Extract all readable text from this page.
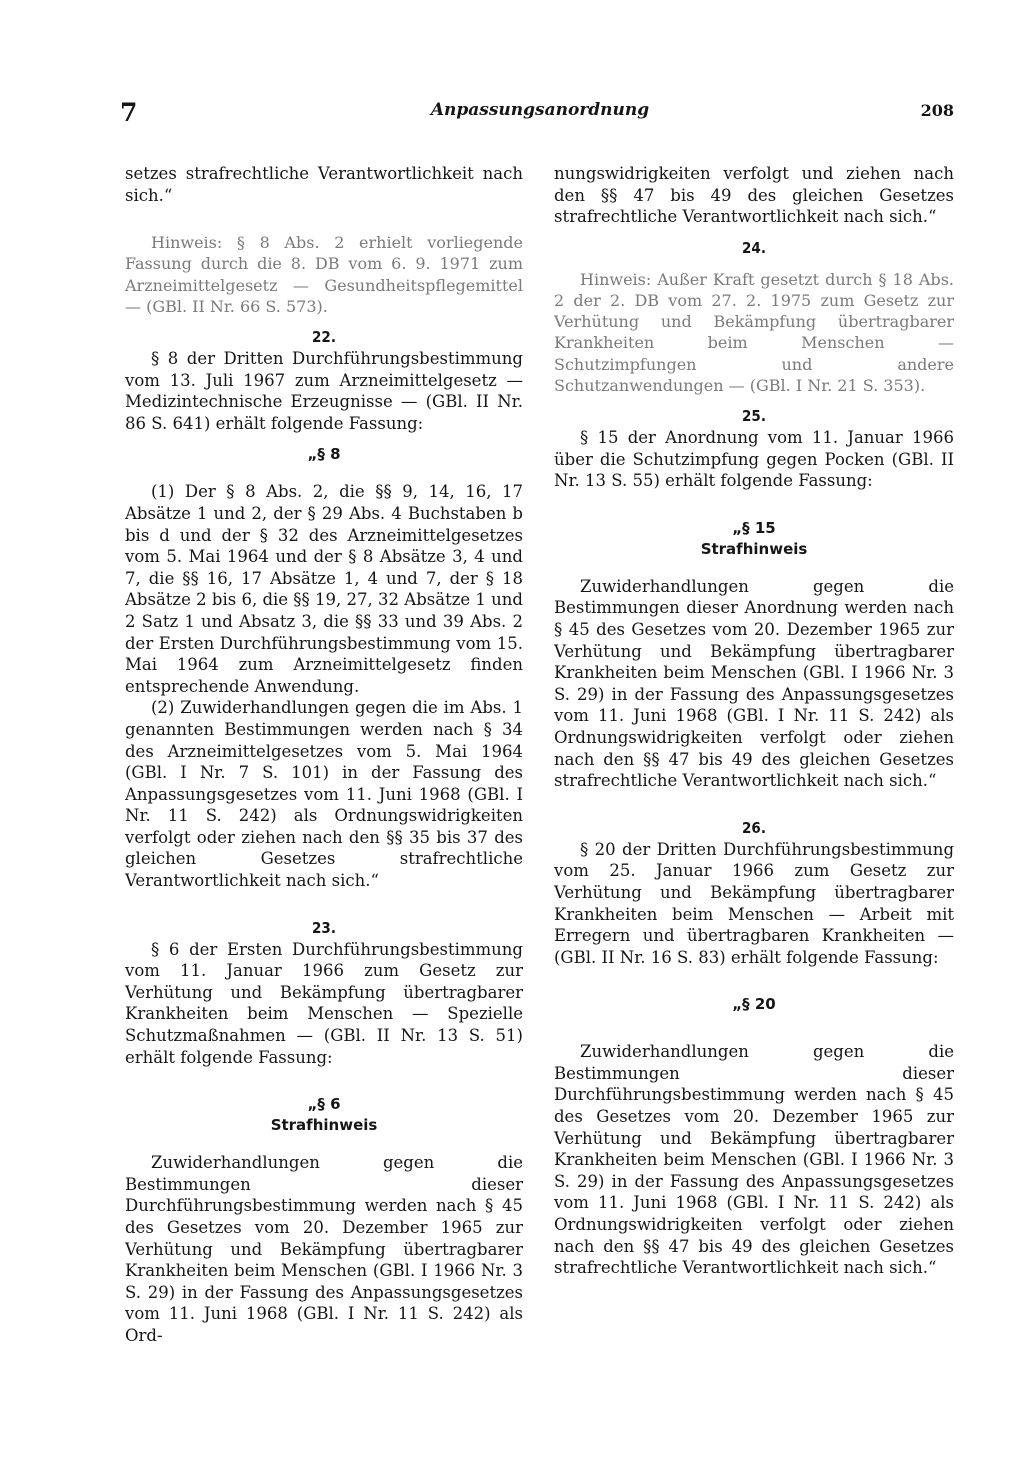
7	Anpassungsanordnung	208

setzes strafrechtliche Verantwortlichkeit nach sich.“

Hinweis: § 8 Abs. 2 erhielt vorliegende Fassung durch die 8. DB vom 6. 9. 1971 zum Arzneimittelgesetz — Gesundheitspflegemittel — (GBl. II Nr. 66 S. 573).

22.

§ 8 der Dritten Durchführungsbestimmung vom 13. Juli 1967 zum Arzneimittelgesetz — Medizintechnische Erzeugnisse — (GBl. II Nr. 86 S. 641) erhält folgende Fassung:

„§ 8

(1) Der § 8 Abs. 2, die §§ 9, 14, 16, 17 Absätze 1 und 2, der § 29 Abs. 4 Buchstaben b bis d und der § 32 des Arzneimittelgesetzes vom 5. Mai 1964 und der § 8 Absätze 3, 4 und 7, die §§ 16, 17 Absätze 1, 4 und 7, der § 18 Absätze 2 bis 6, die §§ 19, 27, 32 Absätze 1 und 2 Satz 1 und Absatz 3, die §§ 33 und 39 Abs. 2 der Ersten Durchführungsbestimmung vom 15. Mai 1964 zum Arzneimittelgesetz finden entsprechende Anwendung.

(2) Zuwiderhandlungen gegen die im Abs. 1 genannten Bestimmungen werden nach § 34 des Arzneimittelgesetzes vom 5. Mai 1964 (GBl. I Nr. 7 S. 101) in der Fassung des Anpassungsgesetzes vom 11. Juni 1968 (GBl. I Nr. 11 S. 242) als Ordnungswidrigkeiten verfolgt oder ziehen nach den §§ 35 bis 37 des gleichen Gesetzes strafrechtliche Verantwortlichkeit nach sich.“

23.

§ 6 der Ersten Durchführungsbestimmung vom 11. Januar 1966 zum Gesetz zur Verhütung und Bekämpfung übertragbarer Krankheiten beim Menschen — Spezielle Schutzmaßnahmen — (GBl. II Nr. 13 S. 51) erhält folgende Fassung:

„§ 6
Strafhinweis

Zuwiderhandlungen gegen die Bestimmungen dieser Durchführungsbestimmung werden nach § 45 des Gesetzes vom 20. Dezember 1965 zur Verhütung und Bekämpfung übertragbarer Krankheiten beim Menschen (GBl. I 1966 Nr. 3 S. 29) in der Fassung des Anpassungsgesetzes vom 11. Juni 1968 (GBl. I Nr. 11 S. 242) als Ord-

nungswidrigkeiten verfolgt und ziehen nach den §§ 47 bis 49 des gleichen Gesetzes strafrechtliche Verantwortlichkeit nach sich.“

24.

Hinweis: Außer Kraft gesetzt durch § 18 Abs. 2 der 2. DB vom 27. 2. 1975 zum Gesetz zur Verhütung und Bekämpfung übertragbarer Krankheiten beim Menschen — Schutzimpfungen und andere Schutzanwendungen — (GBl. I Nr. 21 S. 353).

25.

§ 15 der Anordnung vom 11. Januar 1966 über die Schutzimpfung gegen Pocken (GBl. II Nr. 13 S. 55) erhält folgende Fassung:

„§ 15
Strafhinweis

Zuwiderhandlungen gegen die Bestimmungen dieser Anordnung werden nach § 45 des Gesetzes vom 20. Dezember 1965 zur Verhütung und Bekämpfung übertragbarer Krankheiten beim Menschen (GBl. I 1966 Nr. 3 S. 29) in der Fassung des Anpassungsgesetzes vom 11. Juni 1968 (GBl. I Nr. 11 S. 242) als Ordnungswidrigkeiten verfolgt oder ziehen nach den §§ 47 bis 49 des gleichen Gesetzes strafrechtliche Verantwortlichkeit nach sich.“

26.

§ 20 der Dritten Durchführungsbestimmung vom 25. Januar 1966 zum Gesetz zur Verhütung und Bekämpfung übertragbarer Krankheiten beim Menschen — Arbeit mit Erregern und übertragbaren Krankheiten — (GBl. II Nr. 16 S. 83) erhält folgende Fassung:

„§ 20

Zuwiderhandlungen gegen die Bestimmungen dieser Durchführungsbestimmung werden nach § 45 des Gesetzes vom 20. Dezember 1965 zur Verhütung und Bekämpfung übertragbarer Krankheiten beim Menschen (GBl. I 1966 Nr. 3 S. 29) in der Fassung des Anpassungsgesetzes vom 11. Juni 1968 (GBl. I Nr. 11 S. 242) als Ordnungswidrigkeiten verfolgt oder ziehen nach den §§ 47 bis 49 des gleichen Gesetzes strafrechtliche Verantwortlichkeit nach sich.“
